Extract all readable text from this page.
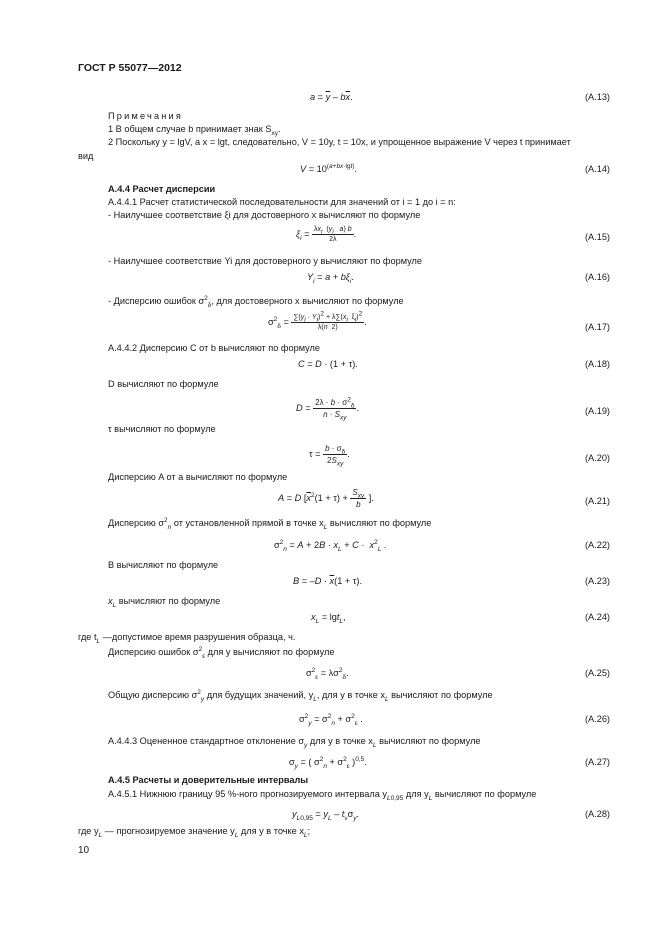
ГОСТ Р 55077—2012
$a = \overline{y} - b\overline{x}$.	(A.13)
Примечания
1 В общем случае b принимает знак $S_{xy}$.
2 Поскольку y = lgV, а x = lgt, следовательно, V = 10y, t = 10x, и упрощенное выражение V через t принимает
вид
$V = 10^{(a+bx\cdot lgt)}$.	(A.14)
A.4.4 Расчет дисперсии
A.4.4.1 Расчет статистической последовательности для значений от i = 1 до i = n:
- Наилучшее соответствие ξi для достоверного x вычисляют по формуле
$\xi_i = \frac{\lambda x_i (y_i a) b}{2\lambda}$ .	(A.15)
- Наилучшее соответствие Yi для достоверного y вычисляют по формуле
$Y_i = a + b\xi_i$.	(A.16)
- Дисперсию ошибок $\sigma^2_\delta$, для достоверного x вычисляют по формуле
$\sigma^2_\delta = \frac{\sum(y_i \cdot Y_i)^2 + \lambda\sum(x_i \xi_i)^2}{\lambda(n 2)}$ .
(A.17)
A.4.4.2 Дисперсию C от b вычисляют по формуле
C = D · (1 + τ).	(A.18)
D вычисляют по формуле
$D = \frac{2\lambda \cdot b \cdot \sigma^2_\delta}{n \cdot S_{xy}}$ .	(A.19)
τ вычисляют по формуле
$\tau = \frac{b \cdot \sigma_\delta}{2S_{xy}}$ .	(A.20)
Дисперсию A от a вычисляют по формуле
A = D [$\overline{x}^2(1 + \tau) + \frac{S_{xy}}{b}$ ].	(A.21)
Дисперсию $\sigma^2_n$ от установленной прямой в точке $x_L$ вычисляют по формуле
$\sigma^2_n = A + 2B \cdot x_L + C \cdot x^2_L$ .	(A.22)
B вычисляют по формуле
$B = -D \cdot \overline{x}(1 + \tau)$.	(A.23)
$x_L$ вычисляют по формуле
$x_L = \lg t_L$,	(A.24)
где $t_L$ —допустимое время разрушения образца, ч.
Дисперсию ошибок $\sigma^2_\varepsilon$ для y вычисляют по формуле
$\sigma^2_\varepsilon = \lambda\sigma^2_\delta$.	(A.25)
Общую дисперсию $\sigma^2_y$ для будущих значений, $y_L$, для y в точке $x_L$ вычисляют по формуле
$\sigma^2_y = \sigma^2_n + \sigma^2_\varepsilon$ .	(A.26)
A.4.4.3 Оцененное стандартное отклонение $\sigma_y$ для y в точке $x_L$ вычисляют по формуле
$\sigma_y$ = ( $\sigma^2_n + \sigma^2_\varepsilon$ )$^{0,5}$.	(A.27)
A.4.5 Расчеты и доверительные интервалы
A.4.5.1 Нижнюю границу 95 %-ного прогнозируемого интервала $y_{L0,95}$ для $y_L$ вычисляют по формуле
$y_{L0,95} = y_L - t_\nu\sigma_y$.	(A.28)
где $y_L$ — прогнозируемое значение $y_L$ для y в точке $x_L$;
10
